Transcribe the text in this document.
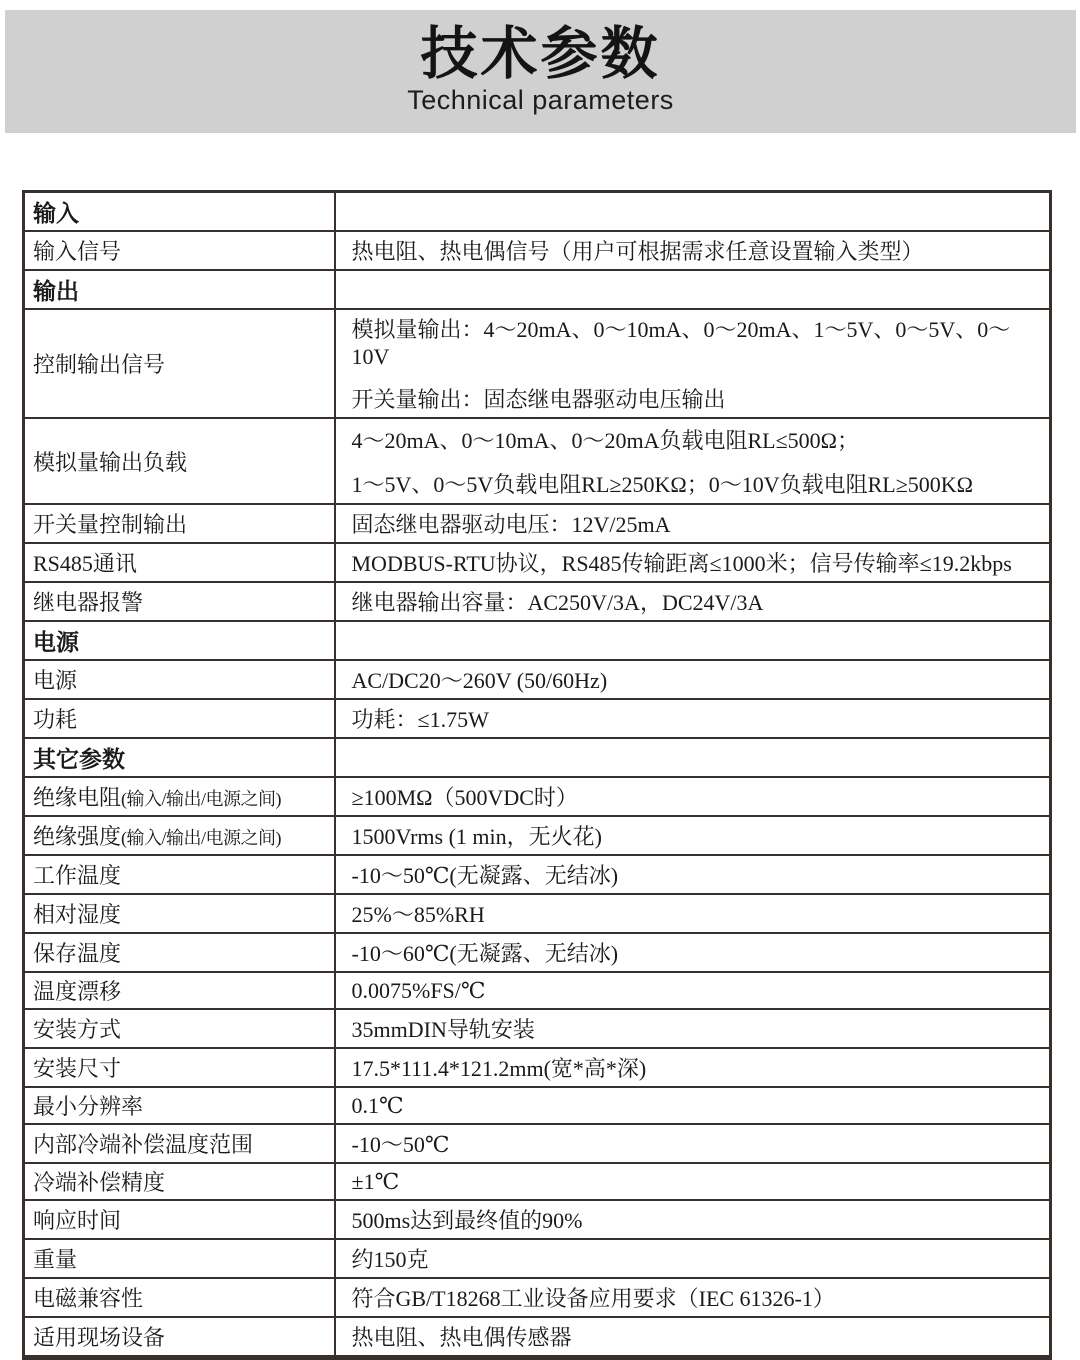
技术参数
Technical parameters
输入	
输入信号	热电阻、热电偶信号（用户可根据需求任意设置输入类型）

输出	
控制输出信号	模拟量输出：4～20mA、0～10mA、0～20mA、1～5V、0～5V、0～10V
开关量输出：固态继电器驱动电压输出

模拟量输出负载	4～20mA、0～10mA、0～20mA负载电阻RL≤500Ω；
1～5V、0～5V负载电阻RL≥250KΩ；0～10V负载电阻RL≥500KΩ

开关量控制输出	固态继电器驱动电压：12V/25mA

RS485通讯	MODBUS-RTU协议，RS485传输距离≤1000米；信号传输率≤19.2kbps

继电器报警	继电器输出容量：AC250V/3A，DC24V/3A

电源	
电源	AC/DC20～260V (50/60Hz)

功耗	功耗：≤1.75W

其它参数	
绝缘电阻(输入/输出/电源之间)	≥100MΩ（500VDC时）

绝缘强度(输入/输出/电源之间)	1500Vrms (1 min，无火花)

工作温度	-10～50℃(无凝露、无结冰)

相对湿度	25%～85%RH

保存温度	-10～60℃(无凝露、无结冰)

温度漂移	0.0075%FS/℃

安装方式	35mmDIN导轨安装

安装尺寸	17.5*111.4*121.2mm(宽*高*深)

最小分辨率	0.1℃

内部冷端补偿温度范围	-10～50℃

冷端补偿精度	±1℃

响应时间	500ms达到最终值的90%

重量	约150克

电磁兼容性	符合GB/T18268工业设备应用要求（IEC 61326-1）

适用现场设备	热电阻、热电偶传感器
